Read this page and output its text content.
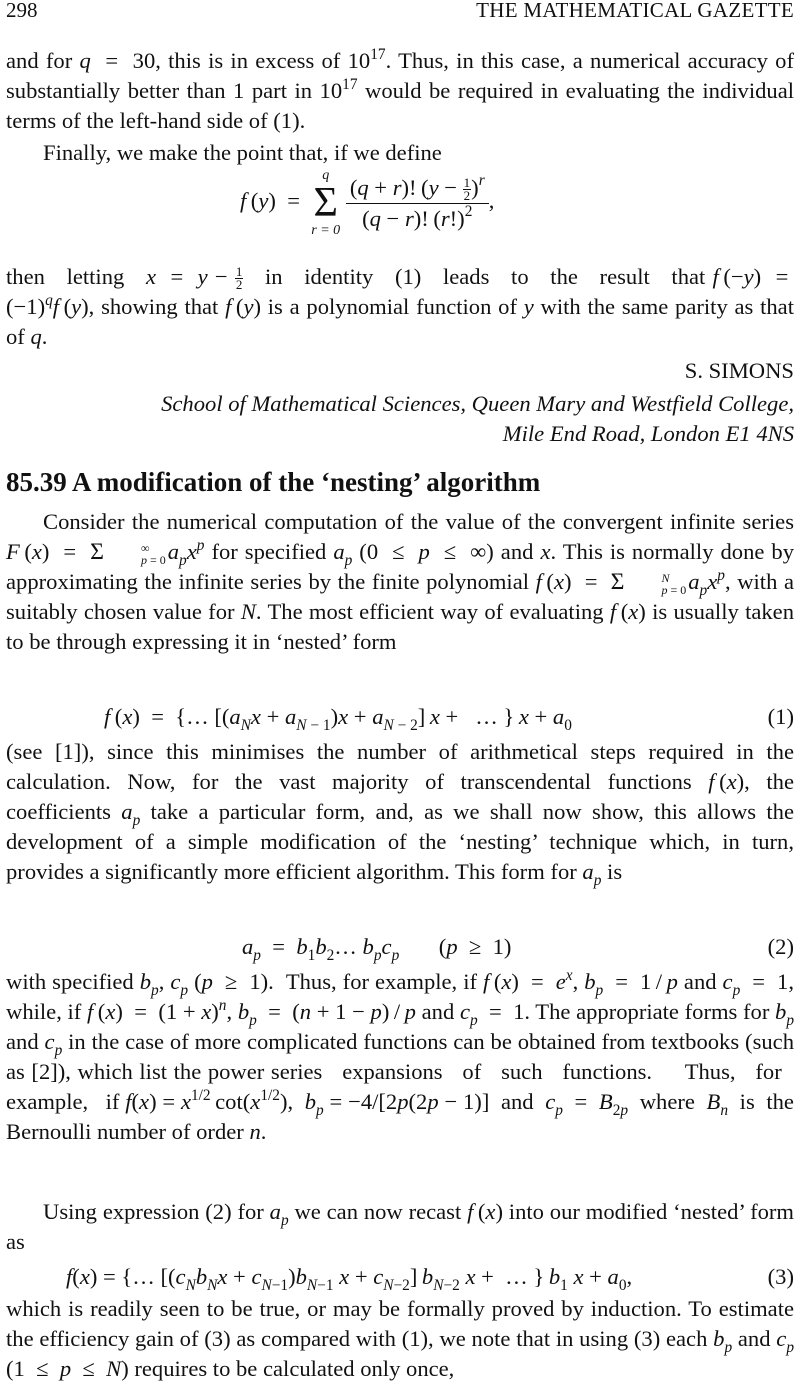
298	THE MATHEMATICAL GAZETTE
and for q  =  30, this is in excess of $10^{17}$. Thus, in this case, a numerical accuracy of substantially better than 1 part in $10^{17}$ would be required in evaluating the individual terms of the left-hand side of (1).
Finally, we make the point that, if we define
f (y)  =
q
Σ
r = 0
$\frac{(q + r)! (y - \frac{1}{2} )^r}{(q - r)! (r!)^2}$ ,
then   letting   $x = y - \frac{1}{2}$ in   identity   (1)   leads   to   the   result   that f $(-y) = (-1)^qf$ (y), showing that f (y) is a polynomial function of y with the same parity as that of q.
S. SIMONS
School of Mathematical Sciences, Queen Mary and Westfield College,
Mile End Road, London E1 4NS
85.39 A modification of the ‘nesting’ algorithm
Consider the numerical computation of the value of the convergent infinite series F (x)  =  Σ	∞
p = 0 $a_px^p$ for specified $a_p$ (0  ≤  p  ≤  ∞) and x. This is normally done by approximating the infinite series by the finite polynomial f (x)  =  Σ	N
p = 0 $a_px^p$, with a suitably chosen value for N. The most efficient way of evaluating f (x) is usually taken to be through expressing it in ‘nested’ form
f (x)  =  {… $[(a_Nx + a_{N - 1})x + a_{N - 2}] x$ +   … } $x + a_0$	(1)
(see [1]), since this minimises the number of arithmetical steps required in the calculation. Now, for the vast majority of transcendental functions f (x), the coefficients $a_p$ take a particular form, and, as we shall now show, this allows the development of a simple modification of the ‘nesting’ technique which, in turn, provides a significantly more efficient algorithm. This form for $a_p$ is
$a_p$  =  $b_1b_2\dots$ $b_pc_p$       (p  ≥  1)	(2)
with specified $b_p$, $c_p$ (p  ≥  1).  Thus, for example, if f $(x) = e^x$, $b_p = 1 / p$ and $c_p = 1$, while, if f $(x) = (1 + x)^n$, $b_p = (n + 1 - p) / p$ and $c_p = 1$. The appropriate forms for $b_p$ and $c_p$ in the case of more complicated functions can be obtained from textbooks (such as [2]), which list the power series   expansions   of   such   functions.     Thus,   for   example,   if $f(x) = x^{1/2}$ $\cot(x^{1/2})$,  $b_p = -4/[2p(2p - 1)]$  and  $c_p = B_{2p}$  where  $B_n$  is  the Bernoulli number of order n.
Using expression (2) for $a_p$ we can now recast f (x) into our modified ‘nested’ form as
f(x) = {… [$(c_Nb_Nx + c_{N-1})b_{N-1}$ $x + c_{N-2}$] $b_{N-2}$ x +  … } $b_1$ $x + a_0$,	(3)
which is readily seen to be true, or may be formally proved by induction. To estimate the efficiency gain of (3) as compared with (1), we note that in using (3) each $b_p$ and $c_p$ (1  ≤  p  ≤  N) requires to be calculated only once,
